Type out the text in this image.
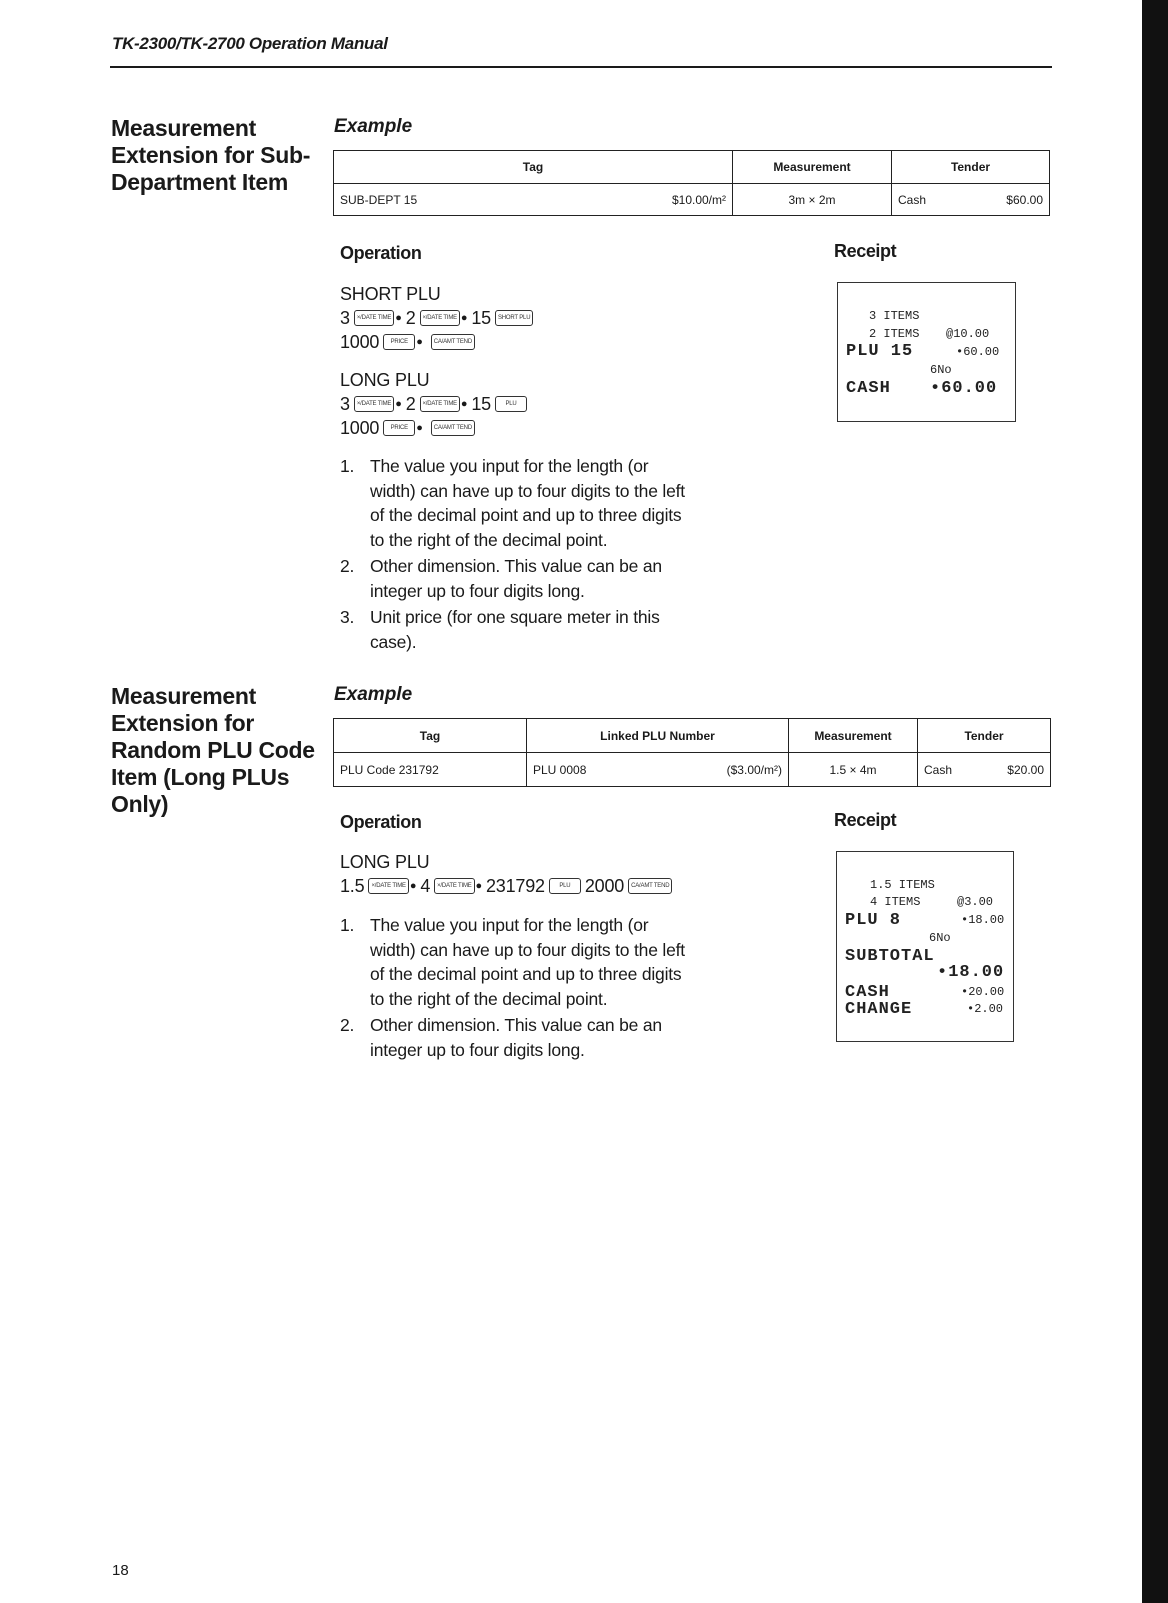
TK-2300/TK-2700 Operation Manual
Measurement Extension for Sub-Department Item
Example
Tag	Measurement	Tender

SUB-DEPT 15 $10.00/m²	3m × 2m	Cash $60.00
Operation	Receipt
SHORT PLU
3	×/DATE TIME ● 2	×/DATE TIME ● 15	SHORT PLU
1000	PRICE ●	CA/AMT TEND
LONG PLU
3	×/DATE TIME ● 2	×/DATE TIME ● 15	PLU
1000	PRICE ●	CA/AMT TEND
1. The value you input for the length (or width) can have up to four digits to the left of the decimal point and up to three digits to the right of the decimal point.
2. Other dimension. This value can be an integer up to four digits long.
3. Unit price (for one square meter in this case).
3 ITEMS
2 ITEMS @10.00
PLU 15	•60.00
6No
CASH •60.00
Measurement Extension for Random PLU Code Item (Long PLUs Only)
Example
Tag	Linked PLU Number	Measurement	Tender
PLU Code 231792	PLU 0008 ($3.00/m²)	1.5 × 4m	Cash $20.00
Operation	Receipt
LONG PLU
1.5	×/DATE TIME ● 4	×/DATE TIME ● 231792	PLU 2000	CA/AMT TEND
1. The value you input for the length (or width) can have up to four digits to the left of the decimal point and up to three digits to the right of the decimal point.
2. Other dimension. This value can be an integer up to four digits long.
1.5 ITEMS
4 ITEMS	@3.00
PLU 8	•18.00
6No
SUBTOTAL
•18.00
CASH	•20.00
CHANGE	•2.00
18
